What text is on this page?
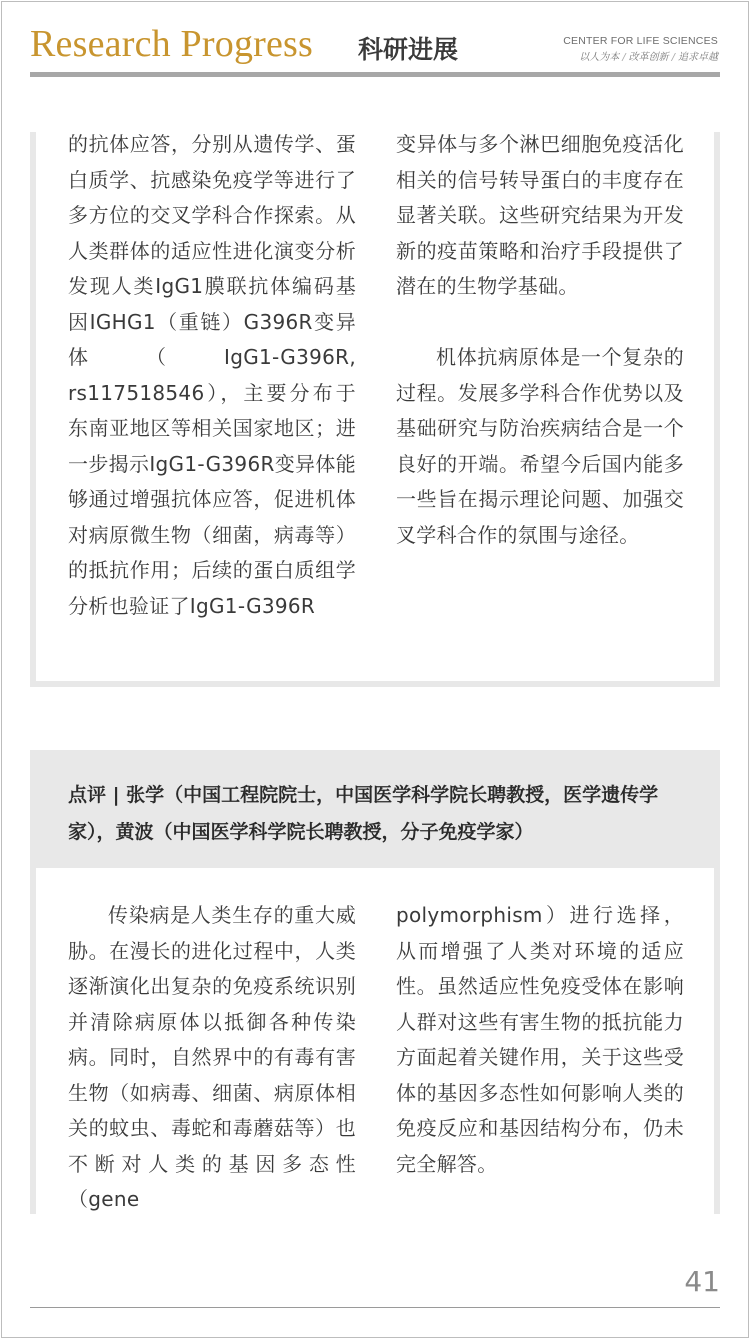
Research Progress 科研进展	CENTER FOR LIFE SCIENCES
以人为本 / 改革创新 / 追求卓越

的抗体应答，分别从遗传学、蛋白质学、抗感染免疫学等进行了多方位的交叉学科合作探索。从人类群体的适应性进化演变分析发现人类IgG1膜联抗体编码基因IGHG1（重链）G396R变异体（IgG1-G396R, rs117518546），主要分布于东南亚地区等相关国家地区；进一步揭示IgG1-G396R变异体能够通过增强抗体应答，促进机体对病原微生物（细菌，病毒等）的抵抗作用；后续的蛋白质组学分析也验证了IgG1-G396R

变异体与多个淋巴细胞免疫活化相关的信号转导蛋白的丰度存在显著关联。这些研究结果为开发新的疫苗策略和治疗手段提供了潜在的生物学基础。

机体抗病原体是一个复杂的过程。发展多学科合作优势以及基础研究与防治疾病结合是一个良好的开端。希望今后国内能多一些旨在揭示理论问题、加强交叉学科合作的氛围与途径。

点评 | 张学（中国工程院院士，中国医学科学院长聘教授，医学遗传学家），黄波（中国医学科学院长聘教授，分子免疫学家）

传染病是人类生存的重大威胁。在漫长的进化过程中，人类逐渐演化出复杂的免疫系统识别并清除病原体以抵御各种传染病。同时，自然界中的有毒有害生物（如病毒、细菌、病原体相关的蚊虫、毒蛇和毒蘑菇等）也不断对人类的基因多态性（gene

polymorphism）进行选择，从而增强了人类对环境的适应性。虽然适应性免疫受体在影响人群对这些有害生物的抵抗能力方面起着关键作用，关于这些受体的基因多态性如何影响人类的免疫反应和基因结构分布，仍未完全解答。

41
